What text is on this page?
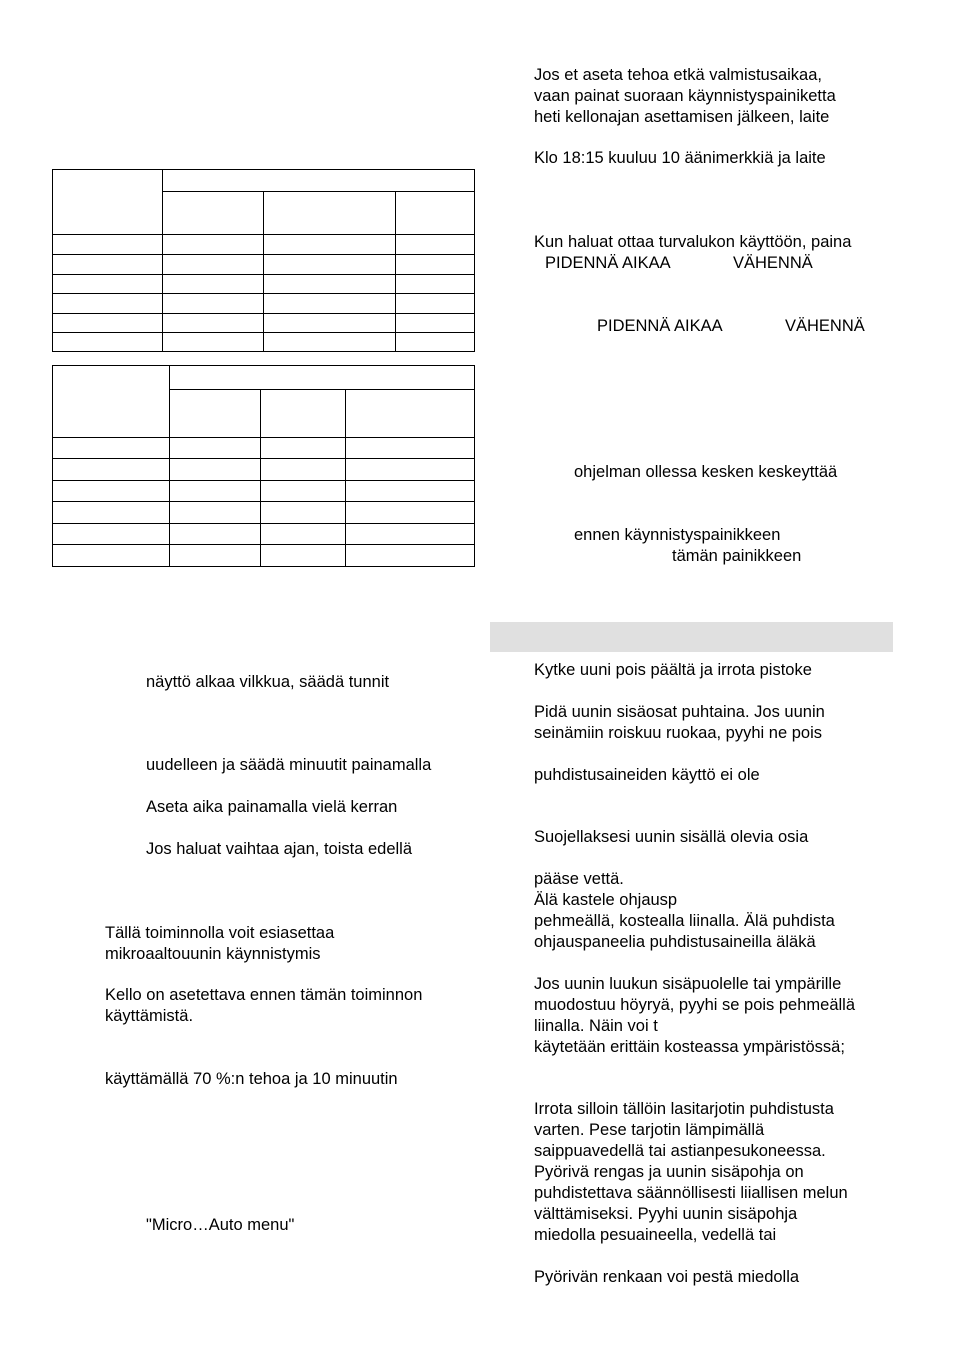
näyttö alkaa vilkkua, säädä tunnit
uudelleen ja säädä minuutit painamalla
Aseta aika painamalla vielä kerran
Jos haluat vaihtaa ajan, toista edellä
Tällä toiminnolla voit esiasettaa
mikroaaltouunin käynnistymis
Kello on asetettava ennen tämän toiminnon
käyttämistä.
käyttämällä 70 %:n tehoa ja 10 minuutin
"Micro…Auto menu"
Jos et aseta tehoa etkä valmistusaikaa,
vaan painat suoraan käynnistyspainiketta
heti kellonajan asettamisen jälkeen, laite
Klo 18:15 kuuluu 10 äänimerkkiä ja laite
Kun haluat ottaa turvalukon käyttöön, paina
PIDENNÄ AIKAA	VÄHENNÄ
PIDENNÄ AIKAA	VÄHENNÄ
ohjelman ollessa kesken keskeyttää
ennen käynnistyspainikkeen
tämän painikkeen
Kytke uuni pois päältä ja irrota pistoke
Pidä uunin sisäosat puhtaina. Jos uunin
seinämiin roiskuu ruokaa, pyyhi ne pois
puhdistusaineiden käyttö ei ole
Suojellaksesi uunin sisällä olevia osia
pääse vettä.
Älä kastele ohjausp
pehmeällä, kostealla liinalla. Älä puhdista
ohjauspaneelia puhdistusaineilla äläkä
Jos uunin luukun sisäpuolelle tai ympärille
muodostuu höyryä, pyyhi se pois pehmeällä
liinalla. Näin voi t
käytetään erittäin kosteassa ympäristössä;
Irrota silloin tällöin lasitarjotin puhdistusta
varten. Pese tarjotin lämpimällä
saippuavedellä tai astianpesukoneessa.
Pyörivä rengas ja uunin sisäpohja on
puhdistettava säännöllisesti liiallisen melun
välttämiseksi. Pyyhi uunin sisäpohja
miedolla pesuaineella, vedellä tai
Pyörivän renkaan voi pestä miedolla
